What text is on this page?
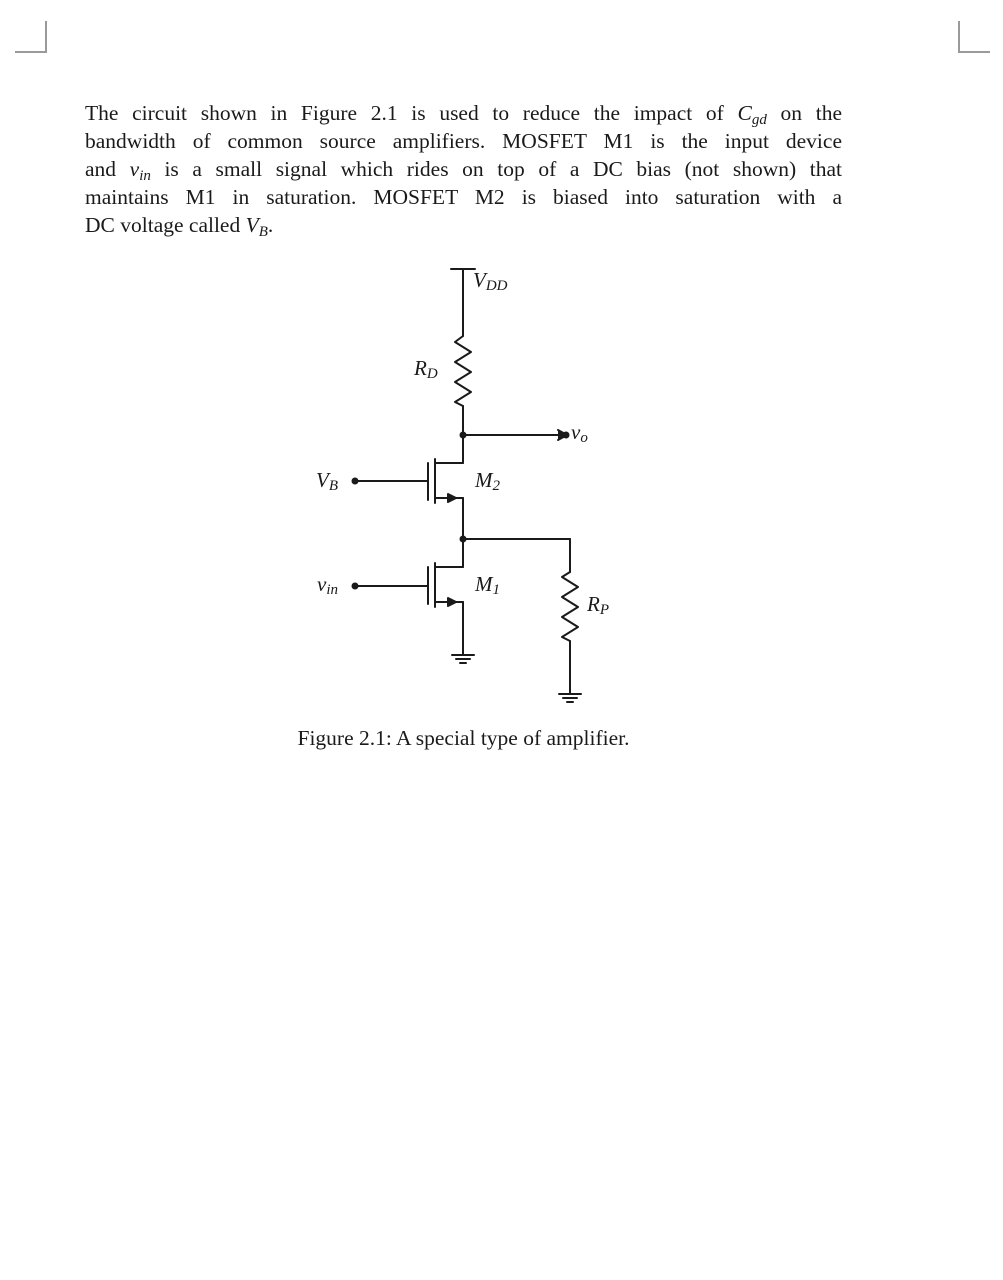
The circuit shown in Figure 2.1 is used to reduce the impact of $C_{gd}$ on the
bandwidth of common source amplifiers. MOSFET M1 is the input device
and $v_{in}$ is a small signal which rides on top of a DC bias (not shown) that
maintains M1 in saturation. MOSFET M2 is biased into saturation with a
DC voltage called $V_B$.
VDD
RD
vo
VB	M2
vin	M1
RP
Figure 2.1: A special type of amplifier.
